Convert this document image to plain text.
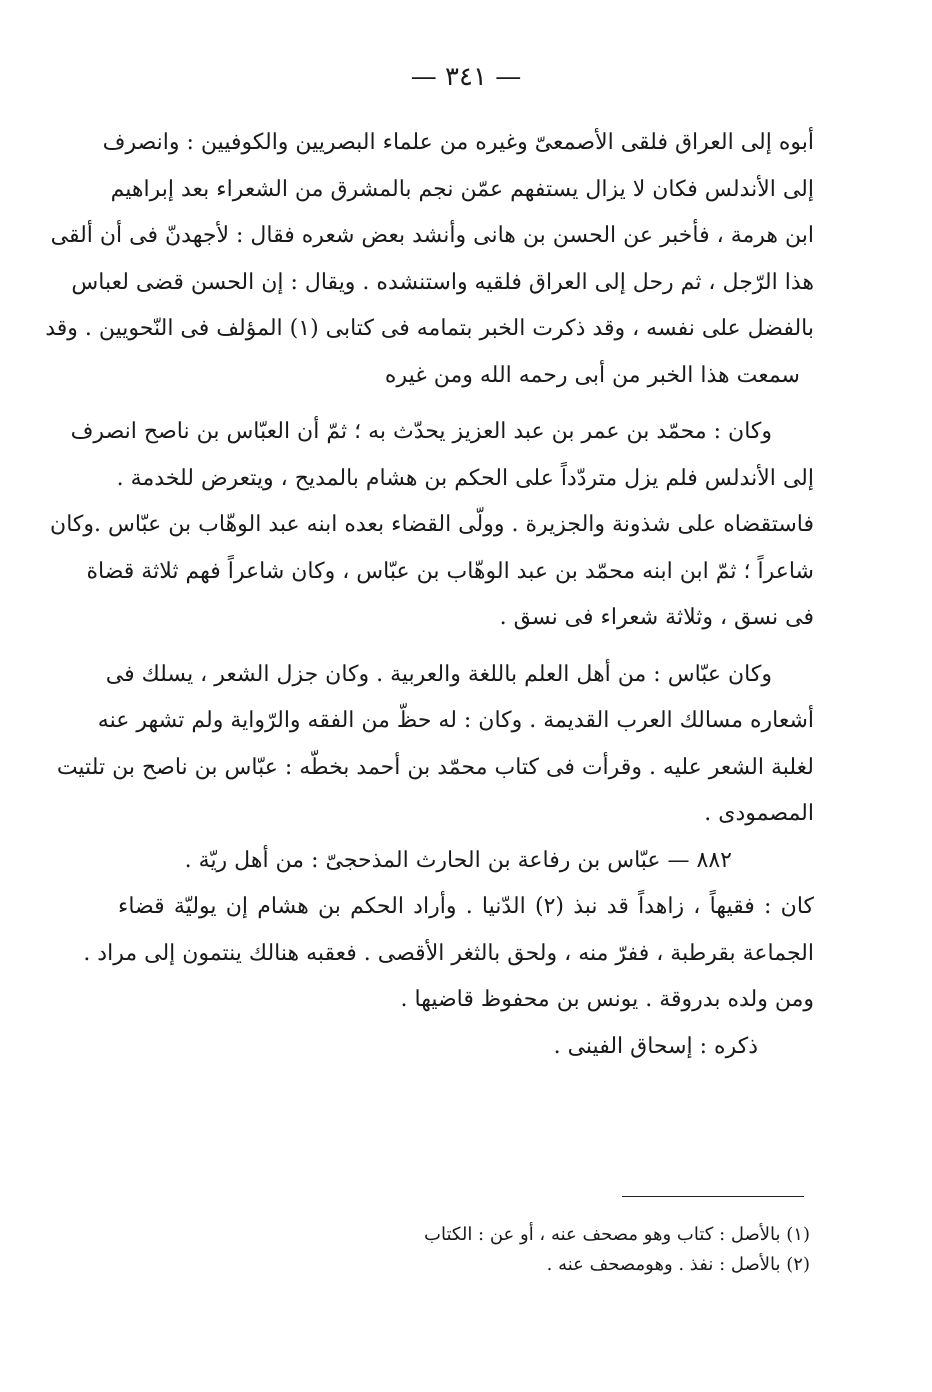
— ٣٤١ —
أبوه إلى العراق فلقى الأصمعىّ وغيره من علماء البصريين والكوفيين : وانصرف
إلى الأندلس فكان لا يزال يستفهم عمّن نجم بالمشرق من الشعراء بعد إبراهيم
ابن هرمة ، فأخبر عن الحسن بن هانى وأنشد بعض شعره فقال : لأجهدنّ فى أن ألقى
هذا الرّجل ، ثم رحل إلى العراق فلقيه واستنشده . ويقال : إن الحسن قضى لعباس
بالفضل على نفسه ، وقد ذكرت الخبر بتمامه فى كتابى (١) المؤلف فى النّحويين . وقد
سمعت هذا الخبر من أبى رحمه الله ومن غيره
وكان : محمّد بن عمر بن عبد العزيز يحدّث به ؛ ثمّ أن العبّاس بن ناصح انصرف
إلى الأندلس فلم يزل متردّداً على الحكم بن هشام بالمديح ، ويتعرض للخدمة .
فاستقضاه على شذونة والجزيرة . وولّى القضاء بعده ابنه عبد الوهّاب بن عبّاس .وكان
شاعراً ؛ ثمّ ابن ابنه محمّد بن عبد الوهّاب بن عبّاس ، وكان شاعراً فهم ثلاثة قضاة
فى نسق ، وثلاثة شعراء فى نسق .
وكان عبّاس : من أهل العلم باللغة والعربية . وكان جزل الشعر ، يسلك فى
أشعاره مسالك العرب القديمة . وكان : له حظّ من الفقه والرّواية ولم تشهر عنه
لغلبة الشعر عليه . وقرأت فى كتاب محمّد بن أحمد بخطّه : عبّاس بن ناصح بن تلتيت
المصمودى .
٨٨٢ — عبّاس بن رفاعة بن الحارث المذحجىّ : من أهل ريّة .
كان : فقيهاً ، زاهداً قد نبذ (٢) الدّنيا . وأراد الحكم بن هشام إن يوليّة قضاء
الجماعة بقرطبة ، ففرّ منه ، ولحق بالثغر الأقصى . فعقبه هنالك ينتمون إلى مراد .
ومن ولده بدروقة . يونس بن محفوظ قاضيها .
ذكره : إسحاق الفينى .
(١) بالأصل : كتاب وهو مصحف عنه ، أو عن : الكتاب
(٢) بالأصل : نفذ . وهومصحف عنه .
